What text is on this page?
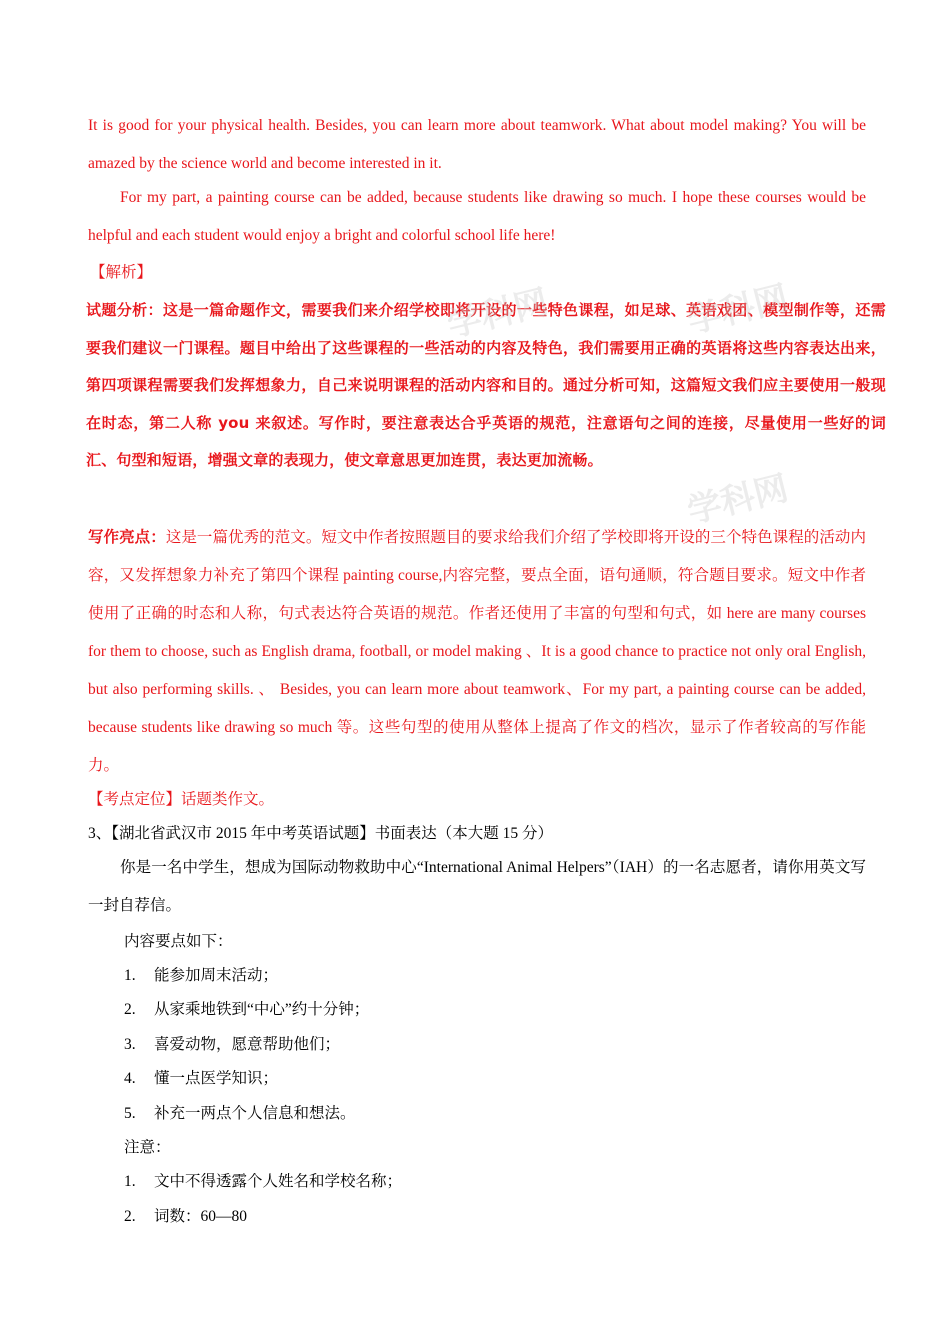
It is good for your physical health. Besides, you can learn more about teamwork. What about model making? You will be amazed by the science world and become interested in it.

For my part, a painting course can be added, because students like drawing so much. I hope these courses would be helpful and each student would enjoy a bright and colorful school life here!

【解析】

学科网	学科网
学科网

试题分析：这是一篇命题作文，需要我们来介绍学校即将开设的一些特色课程，如足球、英语戏团、模型制作等，还需要我们建议一门课程。题目中给出了这些课程的一些活动的内容及特色，我们需要用正确的英语将这些内容表达出来，第四项课程需要我们发挥想象力，自己来说明课程的活动内容和目的。通过分析可知，这篇短文我们应主要使用一般现在时态，第二人称 you 来叙述。写作时，要注意表达合乎英语的规范，注意语句之间的连接，尽量使用一些好的词汇、句型和短语，增强文章的表现力，使文章意思更加连贯，表达更加流畅。

写作亮点：这是一篇优秀的范文。短文中作者按照题目的要求给我们介绍了学校即将开设的三个特色课程的活动内容，又发挥想象力补充了第四个课程 painting course,内容完整，要点全面，语句通顺，符合题目要求。短文中作者使用了正确的时态和人称，句式表达符合英语的规范。作者还使用了丰富的句型和句式，如 here are many courses for them to choose, such as English drama, football, or model making 、It is a good chance to practice not only oral English, but also performing skills. 、 Besides, you can learn more about teamwork、For my part, a painting course can be added, because students like drawing so much 等。这些句型的使用从整体上提高了作文的档次，显示了作者较高的写作能力。

【考点定位】话题类作文。

3、【湖北省武汉市 2015 年中考英语试题】书面表达（本大题 15 分）

你是一名中学生，想成为国际动物救助中心“International Animal Helpers”（IAH）的一名志愿者，请你用英文写一封自荐信。

内容要点如下：

1. 能参加周末活动；

2. 从家乘地铁到“中心”约十分钟；

3. 喜爱动物，愿意帮助他们；

4. 懂一点医学知识；

5. 补充一两点个人信息和想法。

注意：

1. 文中不得透露个人姓名和学校名称；

2. 词数：60—80
